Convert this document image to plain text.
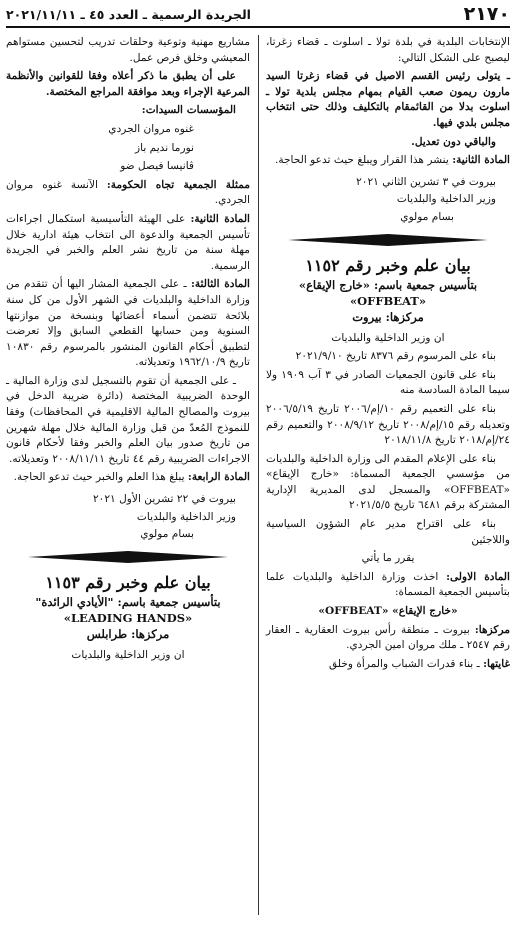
٢١٧٠
الجريدة الرسمية ـ العدد ٤٥ ـ ٢٠٢١/١١/١١

الإنتخابات البلدية في بلدة تولا ـ اسلوت ـ قضاء زغرتا، ليصبح على الشكل التالي:

ـ يتولى رئيس القسم الاصيل في قضاء زغرتا السيد مارون ريمون صعب القيام بمهام مجلس بلدية تولا ـ اسلوت بدلا من القائمقام بالتكليف وذلك حتى انتخاب مجلس بلدي فيها.

والباقي دون تعديل.

المادة الثانية: ينشر هذا القرار ويبلغ حيث تدعو الحاجة.

بيروت في ٣ تشرين الثاني ٢٠٢١

وزير الداخلية والبلديات

بسام مولوي

بيان علم وخبر رقم ١١٥٢

بتأسيس جمعية باسم: «خارج الإيقاع»

«OFFBEAT»

مركزها: بيروت

ان وزير الداخلية والبلديات

بناء على المرسوم رقم ٨٣٧٦ تاريخ ٢٠٢١/٩/١٠

بناء على قانون الجمعيات الصادر في ٣ آب ١٩٠٩ ولا سيما المادة السادسة منه

بناء على التعميم رقم ١٠/إم/٢٠٠٦ تاريخ ٢٠٠٦/٥/١٩ وتعديله رقم ١٥/إم/٢٠٠٨ تاريخ ٢٠٠٨/٩/١٢ والتعميم رقم ٢٤/إم/٢٠١٨ تاريخ ٢٠١٨/١١/٨

بناء على الإعلام المقدم الى وزارة الداخلية والبلديات من مؤسسي الجمعية المسماة: «خارج الإيقاع» «OFFBEAT» والمسجل لدى المديرية الإدارية المشتركة برقم ٦٤٨١ تاريخ ٢٠٢١/٥/٥

بناء على اقتراح مدير عام الشؤون السياسية واللاجئين

يقرر ما يأتي

المادة الاولى: اخذت وزارة الداخلية والبلديات علما بتأسيس الجمعية المسماة:

«خارج الإيقاع» «OFFBEAT»

مركزها: بيروت ـ منطقة رأس بيروت العقارية ـ العقار رقم ٢٥٤٧ ـ ملك مروان امين الجردي.

غايتها: ـ بناء قدرات الشباب والمرأة وخلق

مشاريع مهنية وتوعية وحلقات تدريب لتحسين مستواهم المعيشي وخلق فرص عمل.

على أن يطبق ما ذكر أعلاه وفقا للقوانين والأنظمة المرعية الإجراء وبعد موافقة المراجع المختصة.

المؤسسات السيدات:

غنوه مروان الجردي

نورما نديم باز

ڤانيسا فيصل ضو

ممثلة الجمعية تجاه الحكومة: الآنسة غنوه مروان الجردي.

المادة الثانية: على الهيئة التأسيسية استكمال اجراءات تأسيس الجمعية والدعوة الى انتخاب هيئة ادارية خلال مهلة سنة من تاريخ نشر العلم والخبر في الجريدة الرسمية.

المادة الثالثة: ـ على الجمعية المشار اليها أن تتقدم من وزارة الداخلية والبلديات في الشهر الأول من كل سنة بلائحة تتضمن أسماء أعضائها وبنسخة من موازنتها السنوية ومن حسابها القطعي السابق وإلا تعرضت لتطبيق أحكام القانون المنشور بالمرسوم رقم ١٠٨٣٠ تاريخ ١٩٦٢/١٠/٩ وتعديلاته.

ـ على الجمعية أن تقوم بالتسجيل لدى وزارة المالية ـ الوحدة الضريبية المختصة (دائرة ضريبة الدخل في بيروت والمصالح المالية الاقليمية في المحافظات) وفقا للنموذج المُعدّ من قبل وزارة المالية خلال مهلة شهرين من تاريخ صدور بيان العلم والخبر وفقا لأحكام قانون الاجراءات الضريبية رقم ٤٤ تاريخ ٢٠٠٨/١١/١١ وتعديلاته.

المادة الرابعة: يبلغ هذا العلم والخبر حيث تدعو الحاجة.

بيروت في ٢٢ تشرين الأول ٢٠٢١

وزير الداخلية والبلديات

بسام مولوي

بيان علم وخبر رقم ١١٥٣

بتأسيس جمعية باسم: "الأيادي الرائدة"

«LEADING HANDS»

مركزها: طرابلس

ان وزير الداخلية والبلديات
